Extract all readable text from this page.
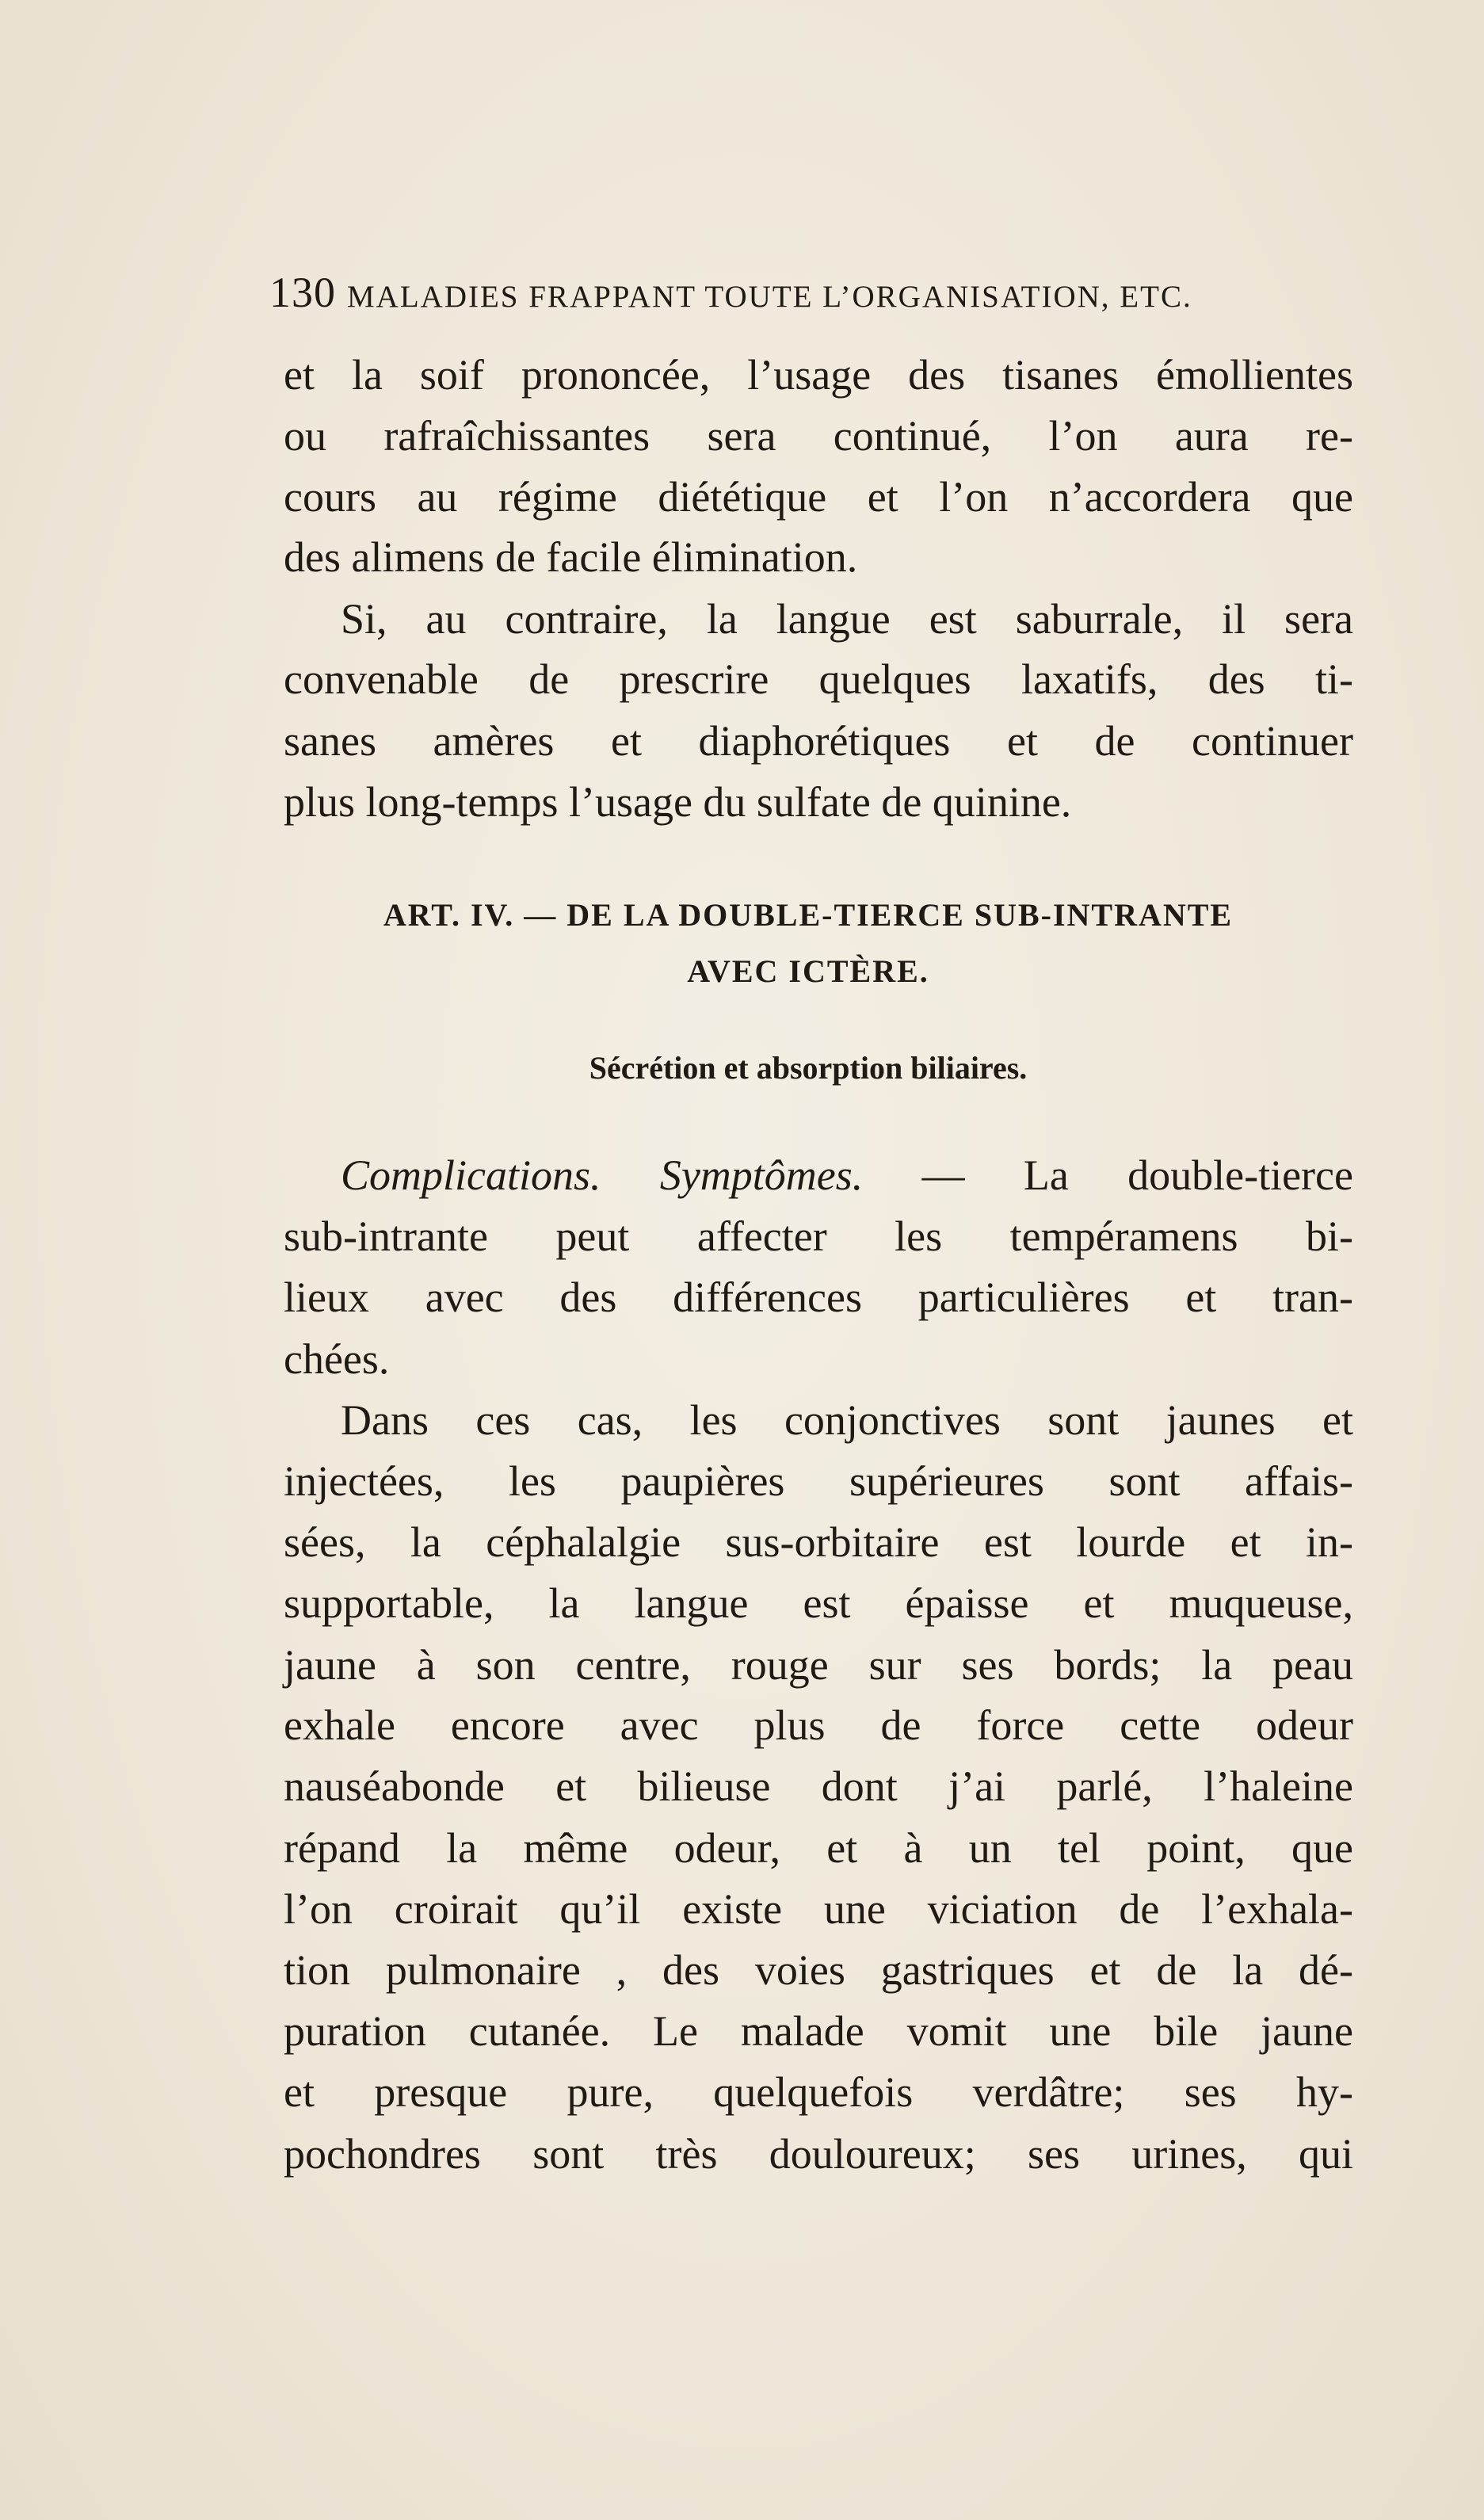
130 MALADIES FRAPPANT TOUTE L’ORGANISATION, ETC.
et la soif prononcée, l’usage des tisanes émollientes
ou rafraîchissantes sera continué, l’on aura re-
cours au régime diététique et l’on n’accordera que
des alimens de facile élimination.
Si, au contraire, la langue est saburrale, il sera
convenable de prescrire quelques laxatifs, des ti-
sanes amères et diaphorétiques et de continuer
plus long-temps l’usage du sulfate de quinine.
ART. IV. — DE LA DOUBLE-TIERCE SUB-INTRANTE
AVEC ICTÈRE.
Sécrétion et absorption biliaires.
Complications. Symptômes. — La double-tierce
sub-intrante peut affecter les tempéramens bi-
lieux avec des différences particulières et tran-
chées.
Dans ces cas, les conjonctives sont jaunes et
injectées, les paupières supérieures sont affais-
sées, la céphalalgie sus-orbitaire est lourde et in-
supportable, la langue est épaisse et muqueuse,
jaune à son centre, rouge sur ses bords; la peau
exhale encore avec plus de force cette odeur
nauséabonde et bilieuse dont j’ai parlé, l’haleine
répand la même odeur, et à un tel point, que
l’on croirait qu’il existe une viciation de l’exhala-
tion pulmonaire , des voies gastriques et de la dé-
puration cutanée. Le malade vomit une bile jaune
et presque pure, quelquefois verdâtre; ses hy-
pochondres sont très douloureux; ses urines, qui
